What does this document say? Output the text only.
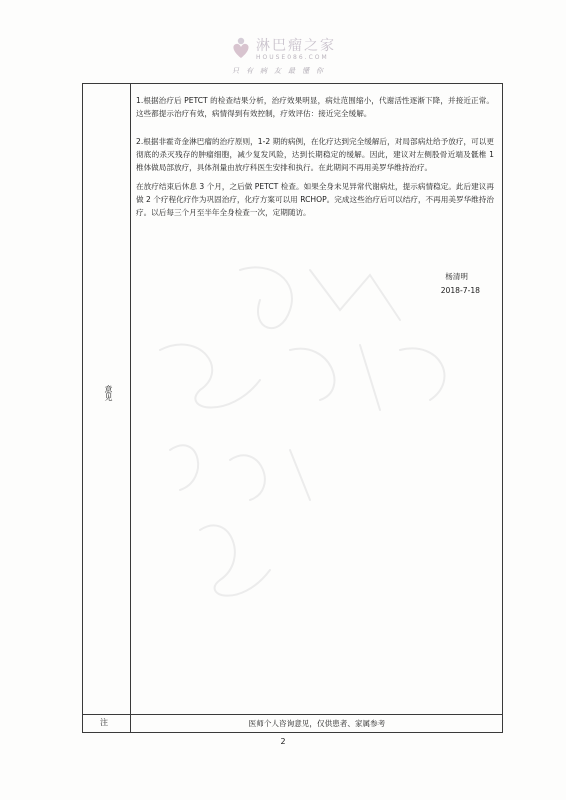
淋巴瘤之家
HOUSE086.COM
只有病友最懂你
意见
注

1.根据治疗后 PETCT 的检查结果分析，治疗效果明显，病灶范围缩小，代谢活性逐渐下降，并接近正常。这些都提示治疗有效，病情得到有效控制，疗效评估：接近完全缓解。

2.根据非霍奇金淋巴瘤的治疗原则，1-2 期的病例，在化疗达到完全缓解后，对局部病灶给予放疗，可以更彻底的杀灭残存的肿瘤细胞，减少复发风险，达到长期稳定的缓解。因此，建议对左侧股骨近端及骶椎 1 椎体做局部放疗，具体剂量由放疗科医生安排和执行。在此期间不再用美罗华维持治疗。

在放疗结束后休息 3 个月，之后做 PETCT 检查。如果全身未见异常代谢病灶，提示病情稳定。此后建议再做 2 个疗程化疗作为巩固治疗，化疗方案可以用 RCHOP。完成这些治疗后可以结疗，不再用美罗华维持治疗。以后每三个月至半年全身检查一次，定期随访。

杨清明
2018-7-18
医师个人咨询意见，仅供患者、家属参考
2
